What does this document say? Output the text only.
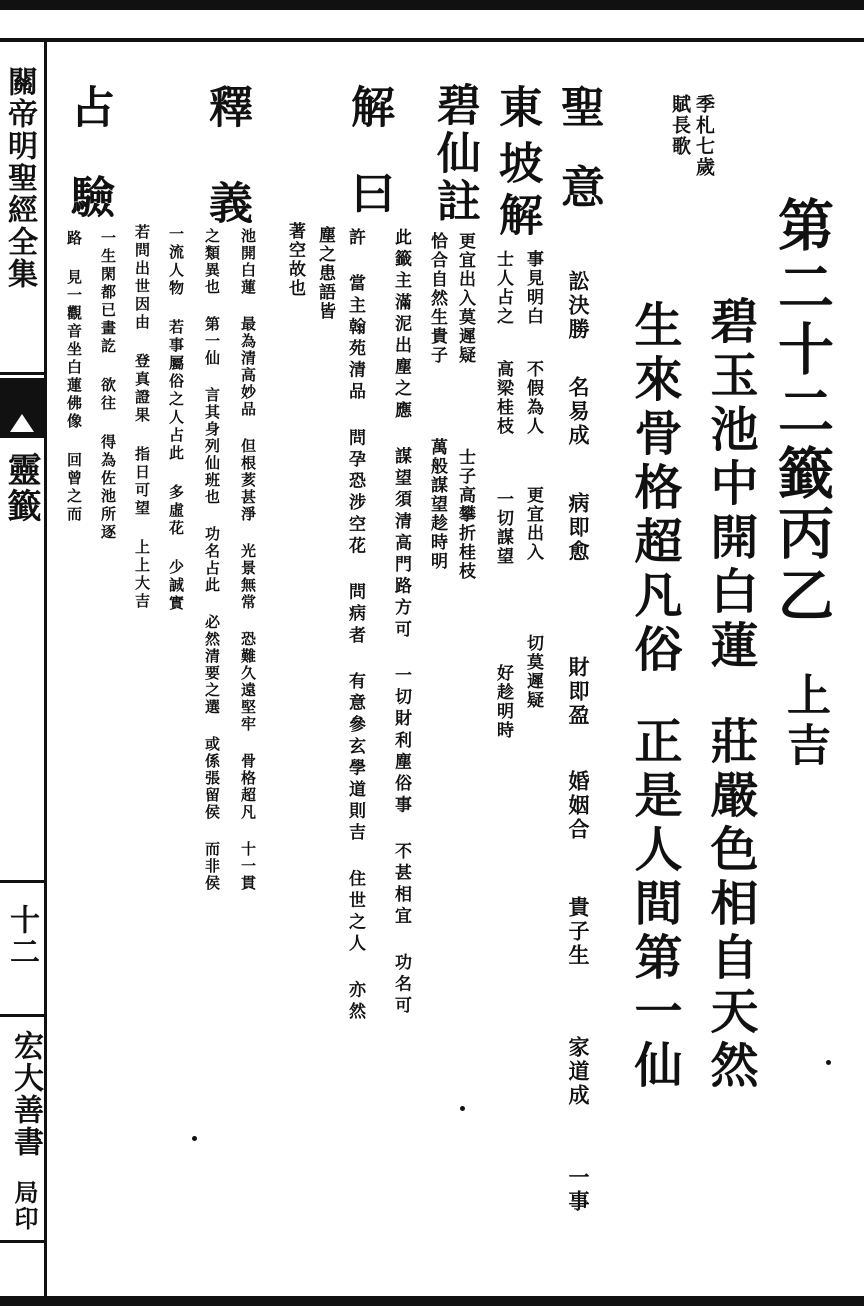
關帝明聖經全集
靈籤
十二
宏大善書
局印
第二十二籤
丙乙
上吉
季札七歲
賦長歌
碧玉池中開白蓮
莊嚴色相自天然
生來骨格超凡俗
正是人間第一仙
聖
意
訟決勝
名易成
病即愈
財即盈
婚姻合
貴子生
家道成
一事
東
坡
解
事見明白
不假為人
更宜出入
切莫遲疑
士人占之
高梁桂枝
一切謀望
好趁明時
碧
仙
註
更宜出入莫遲疑
士子高攀折桂枝
恰合自然生貴子
萬般謀望趁時明
解
曰
此籤主滿泥出塵之應 謀望須清高門路方可 一切財利塵俗事 不甚相宜 功名可
許 當主翰苑清品 問孕恐涉空花 問病者 有意參玄學道則吉 住世之人 亦然
塵之患語皆
著空故也
釋
義
池開白蓮 最為清高妙品 但根荄甚淨 光景無常 恐難久遠堅牢 骨格超凡 十一貫
之類異也 第一仙 言其身列仙班也 功名占此 必然清要之選 或係張留侯 而非侯
一流人物 若事屬俗之人占此 多虛花 少誠實
若問出世因由 登真證果 指日可望 上上大吉
占
驗
一生閑都已畫訖 欲往 得為佐池所逐
路 見一觀音坐白蓮佛像 回曾之而
